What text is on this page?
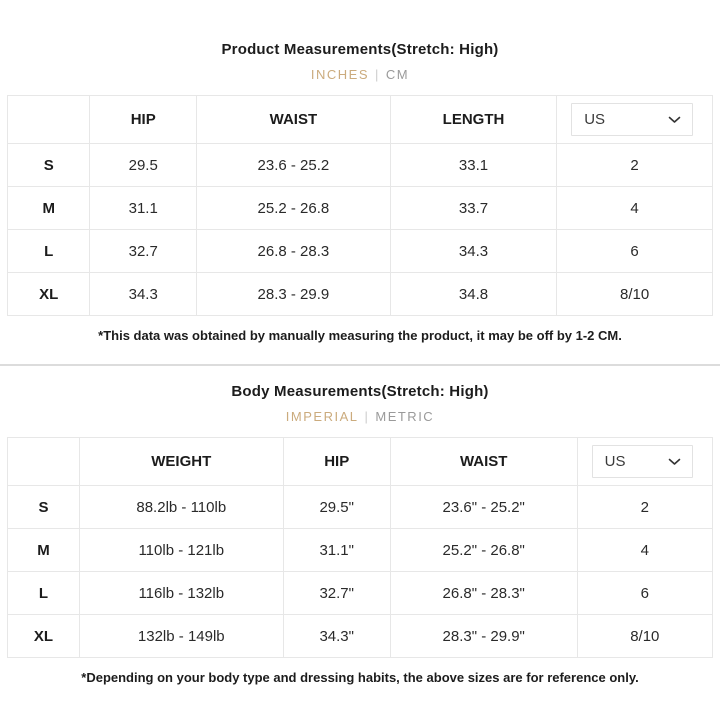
Product Measurements(Stretch: High)
INCHES | CM
	HIP	WAIST	LENGTH	US

S	29.5	23.6 - 25.2	33.1	2
M	31.1	25.2 - 26.8	33.7	4
L	32.7	26.8 - 28.3	34.3	6
XL	34.3	28.3 - 29.9	34.8	8/10
*This data was obtained by manually measuring the product, it may be off by 1-2 CM.
Body Measurements(Stretch: High)
IMPERIAL | METRIC
	WEIGHT	HIP	WAIST	US

S	88.2lb - 110lb	29.5"	23.6" - 25.2"	2
M	110lb - 121lb	31.1"	25.2" - 26.8"	4
L	116lb - 132lb	32.7"	26.8" - 28.3"	6
XL	132lb - 149lb	34.3"	28.3" - 29.9"	8/10
*Depending on your body type and dressing habits, the above sizes are for reference only.
